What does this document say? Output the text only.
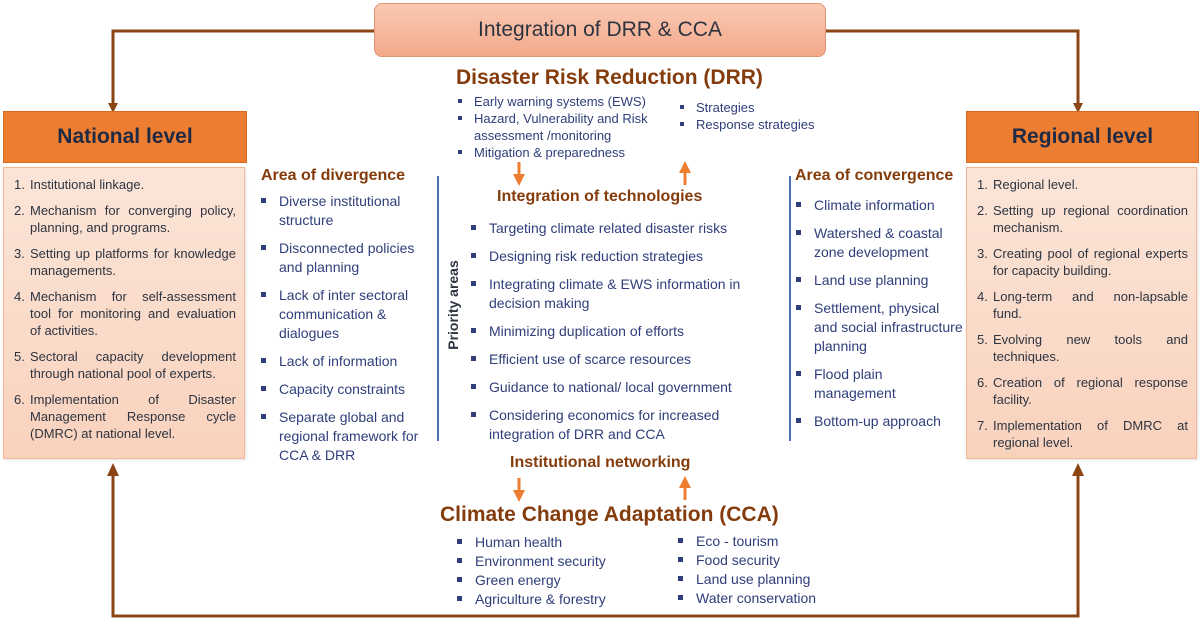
Integration of DRR & CCA
National level
1. Institutional linkage.
2. Mechanism for converging policy, planning, and programs.
3. Setting up platforms for knowledge managements.
4. Mechanism for self-assessment tool for monitoring and evaluation of activities.
5. Sectoral capacity development through national pool of experts.
6. Implementation of Disaster Management Response cycle (DMRC) at national level.
Regional level
1. Regional level.
2. Setting up regional coordination mechanism.
3. Creating pool of regional experts for capacity building.
4. Long-term and non-lapsable fund.
5. Evolving new tools and techniques.
6. Creation of regional response facility.
7. Implementation of DMRC at regional level.
Disaster Risk Reduction (DRR)
Early warning systems (EWS)
Hazard, Vulnerability and Risk assessment /monitoring
Mitigation & preparedness
Strategies
Response strategies
Integration of technologies
Priority areas
Targeting climate related disaster risks
Designing risk reduction strategies
Integrating climate & EWS information in decision making
Minimizing duplication of efforts
Efficient use of scarce resources
Guidance to national/ local government
Considering economics for increased integration of DRR and CCA
Area of divergence
Diverse institutional structure
Disconnected policies and planning
Lack of inter sectoral communication & dialogues
Lack of information
Capacity constraints
Separate global and regional framework for CCA & DRR
Area of convergence
Climate information
Watershed & coastal zone development
Land use planning
Settlement, physical and social infrastructure planning
Flood plain management
Bottom-up approach
Institutional networking
Climate Change Adaptation (CCA)
Human health
Environment security
Green energy
Agriculture & forestry
Eco - tourism
Food security
Land use planning
Water conservation
